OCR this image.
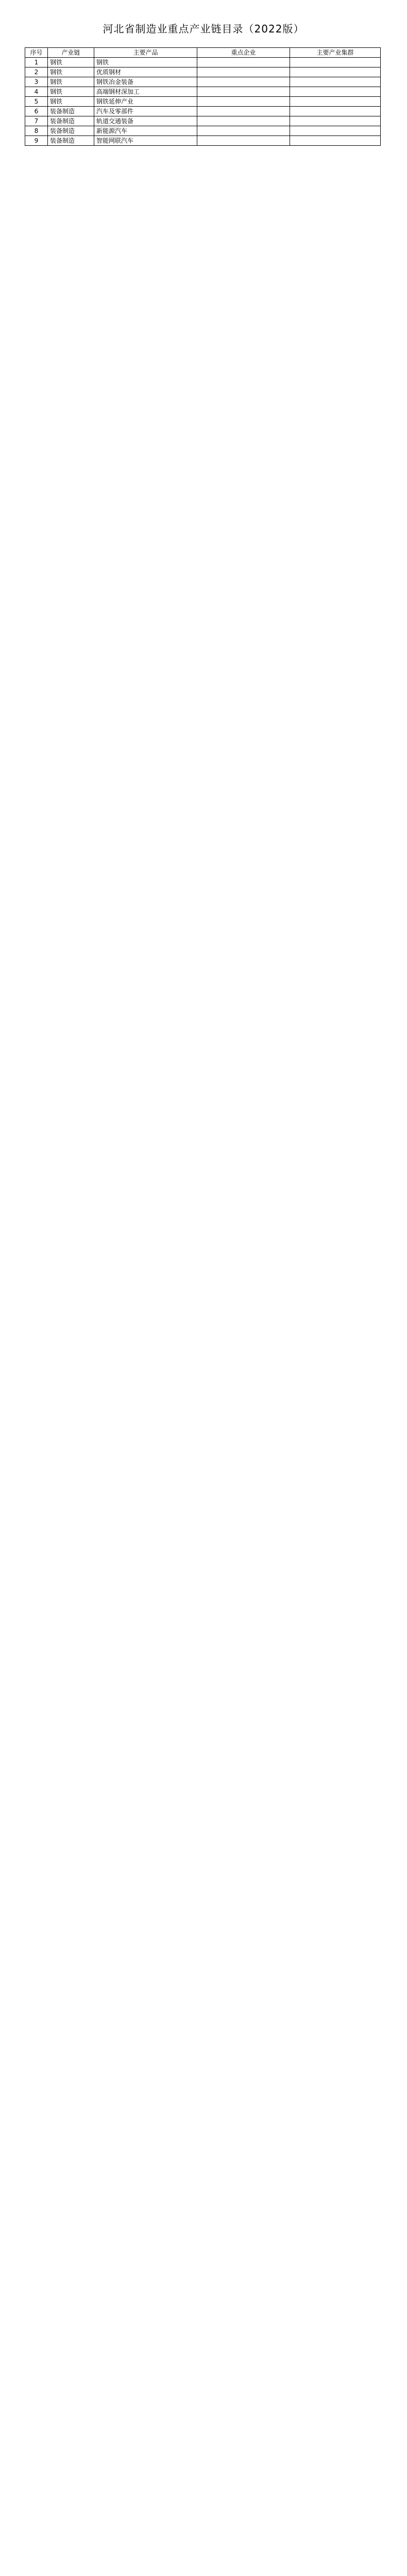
河北省制造业重点产业链目录（2022版）
序号	产业链	主要产品	重点企业	主要产业集群
1	钢铁	钢铁		
2	钢铁	优质钢材		
3	钢铁	钢铁冶金装备		
4	钢铁	高端钢材深加工		
5	钢铁	钢铁延伸产业		
6	装备制造	汽车及零部件		
7	装备制造	轨道交通装备		
8	装备制造	新能源汽车		
9	装备制造	智能网联汽车		
